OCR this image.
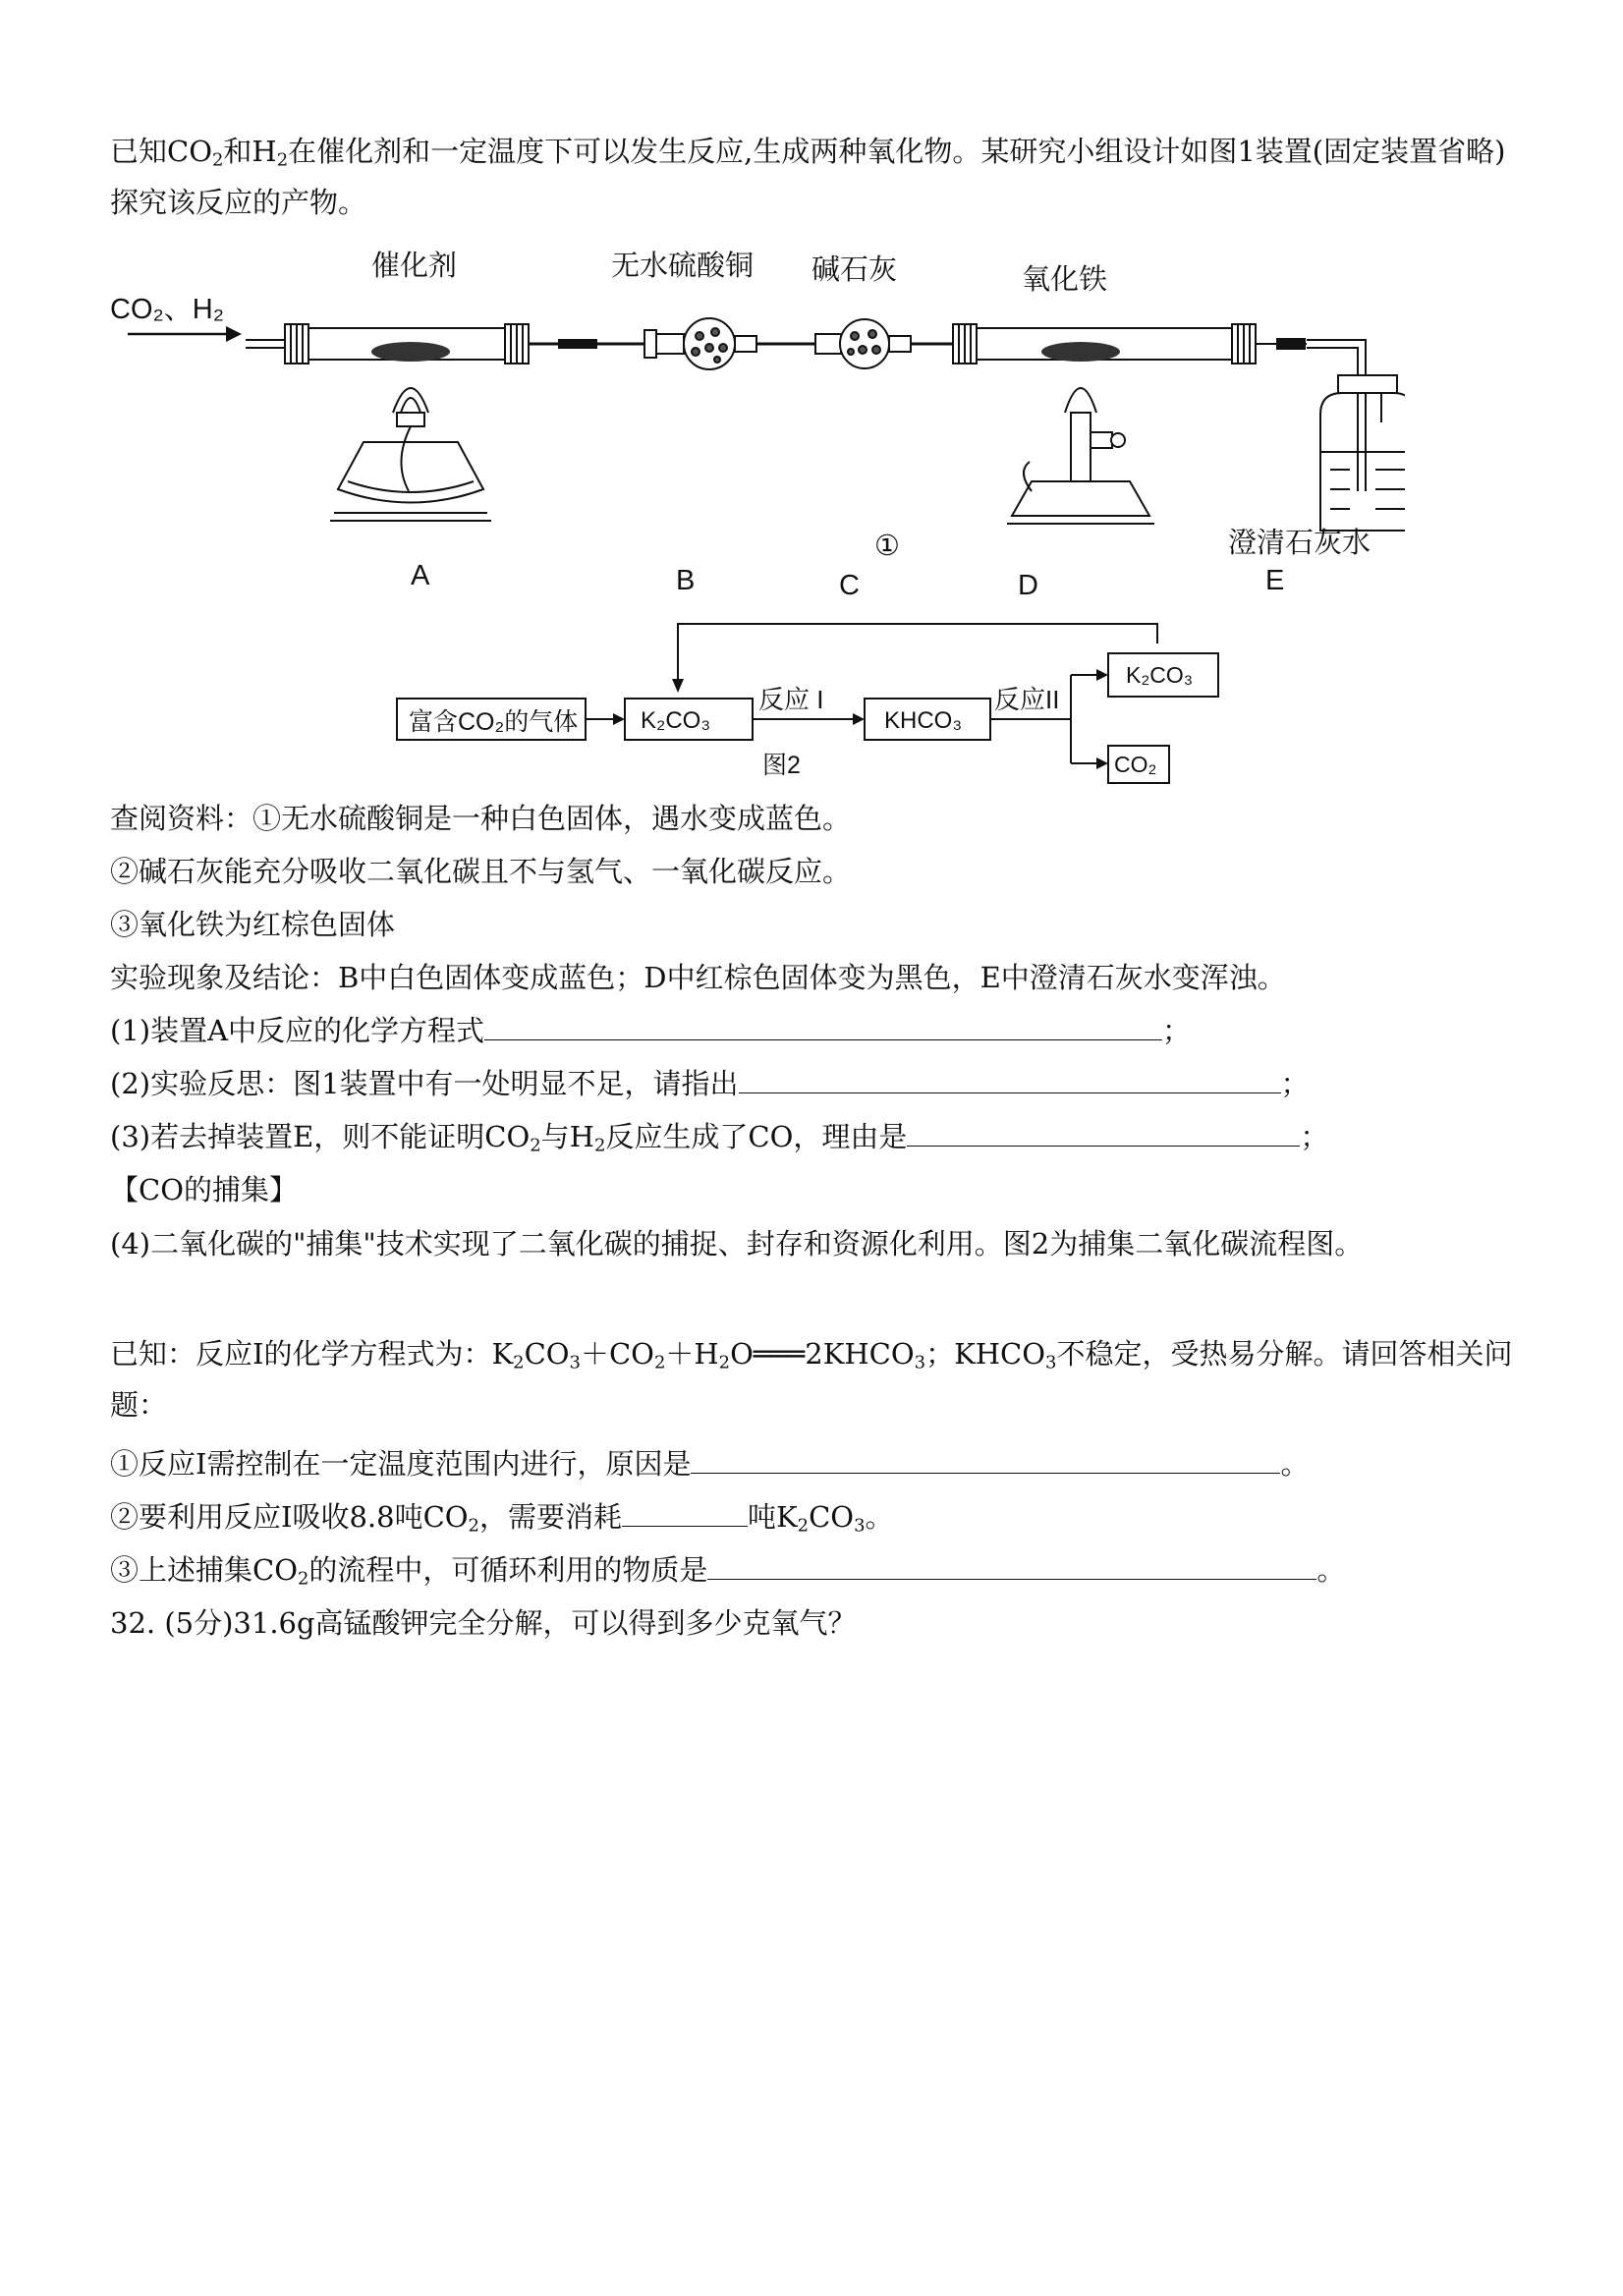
已知$CO_2$和$H_2$在催化剂和一定温度下可以发生反应,生成两种氧化物。某研究小组设计如图1装置(固定装置省略)探究该反应的产物。
CO₂、H₂
催化剂	无水硫酸铜 碱石灰	氧化铁
澄清石灰水
①
A	B	C	D	E
富含CO₂的气体	K₂CO₃
反应 I
KHCO₃
反应II
K₂CO₃
CO₂
图2
查阅资料：①无水硫酸铜是一种白色固体，遇水变成蓝色。
②碱石灰能充分吸收二氧化碳且不与氢气、一氧化碳反应。
③氧化铁为红棕色固体
实验现象及结论：B中白色固体变成蓝色；D中红棕色固体变为黑色，E中澄清石灰水变浑浊。
(1)装置A中反应的化学方程式	；
(2)实验反思：图1装置中有一处明显不足，请指出	；
(3)若去掉装置E，则不能证明$CO_2$与$H_2$反应生成了CO，理由是	；
【CO的捕集】
(4)二氧化碳的"捕集"技术实现了二氧化碳的捕捉、封存和资源化利用。图2为捕集二氧化碳流程图。
已知：反应I的化学方程式为：$K_2CO_3+CO_2+H_2O═══2KHCO_3$；$KHCO_3$不稳定，受热易分解。请回答相关问题：
①反应I需控制在一定温度范围内进行，原因是	。
②要利用反应I吸收8.8吨$CO_2$，需要消耗	吨$K_2CO_3$。
③上述捕集$CO_2$的流程中，可循环利用的物质是	。
32. (5分)31.6g高锰酸钾完全分解，可以得到多少克氧气？
